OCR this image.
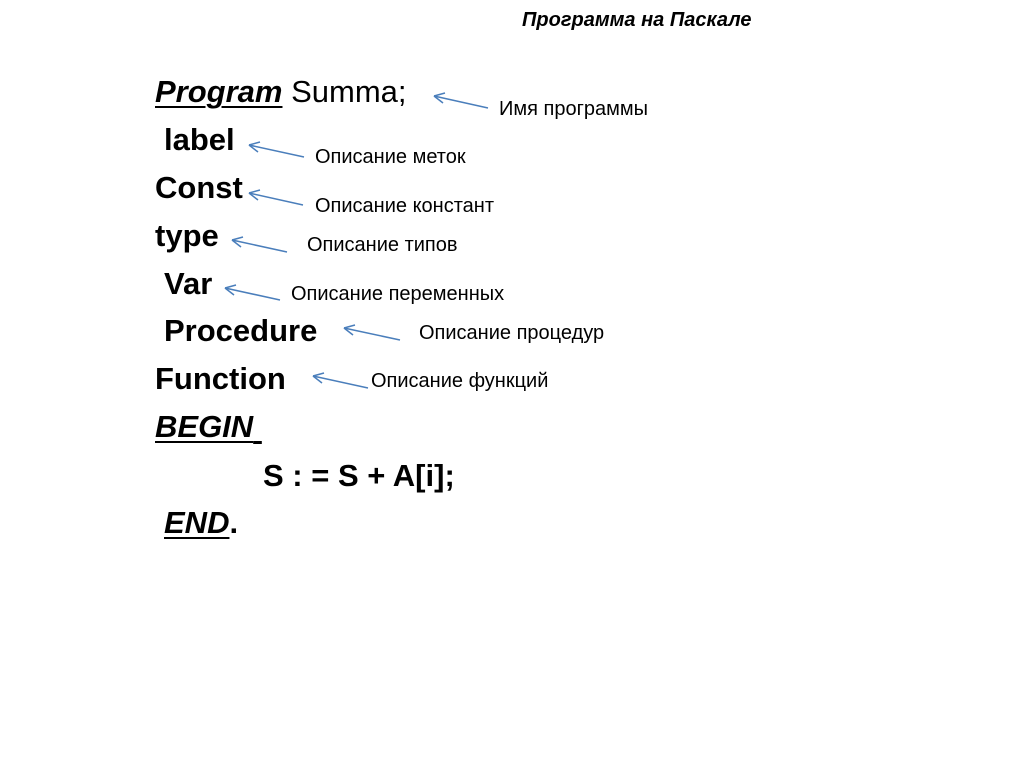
Программа на Паскале
Program Summa;
label
Const
type
Var
Procedure
Function
BEGIN
S : = S + A[i];
END.
Имя программы
Описание меток
Описание констант
Описание типов
Описание переменных
Описание процедур
Описание функций
